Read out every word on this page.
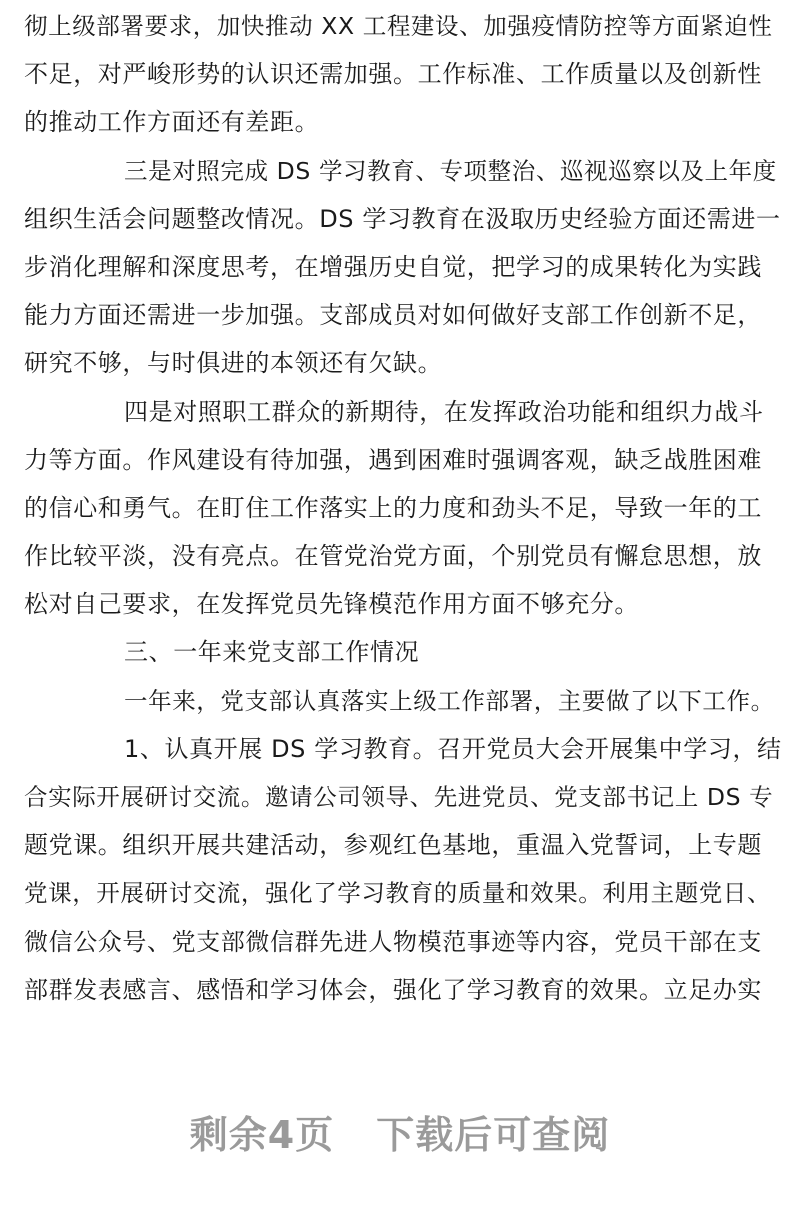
彻上级部署要求，加快推动 XX 工程建设、加强疫情防控等方面紧迫性
不足，对严峻形势的认识还需加强。工作标准、工作质量以及创新性
的推动工作方面还有差距。
三是对照完成 DS 学习教育、专项整治、巡视巡察以及上年度
组织生活会问题整改情况。DS 学习教育在汲取历史经验方面还需进一
步消化理解和深度思考，在增强历史自觉，把学习的成果转化为实践
能力方面还需进一步加强。支部成员对如何做好支部工作创新不足，
研究不够，与时俱进的本领还有欠缺。
四是对照职工群众的新期待，在发挥政治功能和组织力战斗
力等方面。作风建设有待加强，遇到困难时强调客观，缺乏战胜困难
的信心和勇气。在盯住工作落实上的力度和劲头不足，导致一年的工
作比较平淡，没有亮点。在管党治党方面，个别党员有懈怠思想，放
松对自己要求，在发挥党员先锋模范作用方面不够充分。
三、一年来党支部工作情况
一年来，党支部认真落实上级工作部署，主要做了以下工作。
1、认真开展 DS 学习教育。召开党员大会开展集中学习，结
合实际开展研讨交流。邀请公司领导、先进党员、党支部书记上 DS 专
题党课。组织开展共建活动，参观红色基地，重温入党誓词，上专题
党课，开展研讨交流，强化了学习教育的质量和效果。利用主题党日、
微信公众号、党支部微信群先进人物模范事迹等内容，党员干部在支
部群发表感言、感悟和学习体会，强化了学习教育的效果。立足办实
剩余4页 下载后可查阅
